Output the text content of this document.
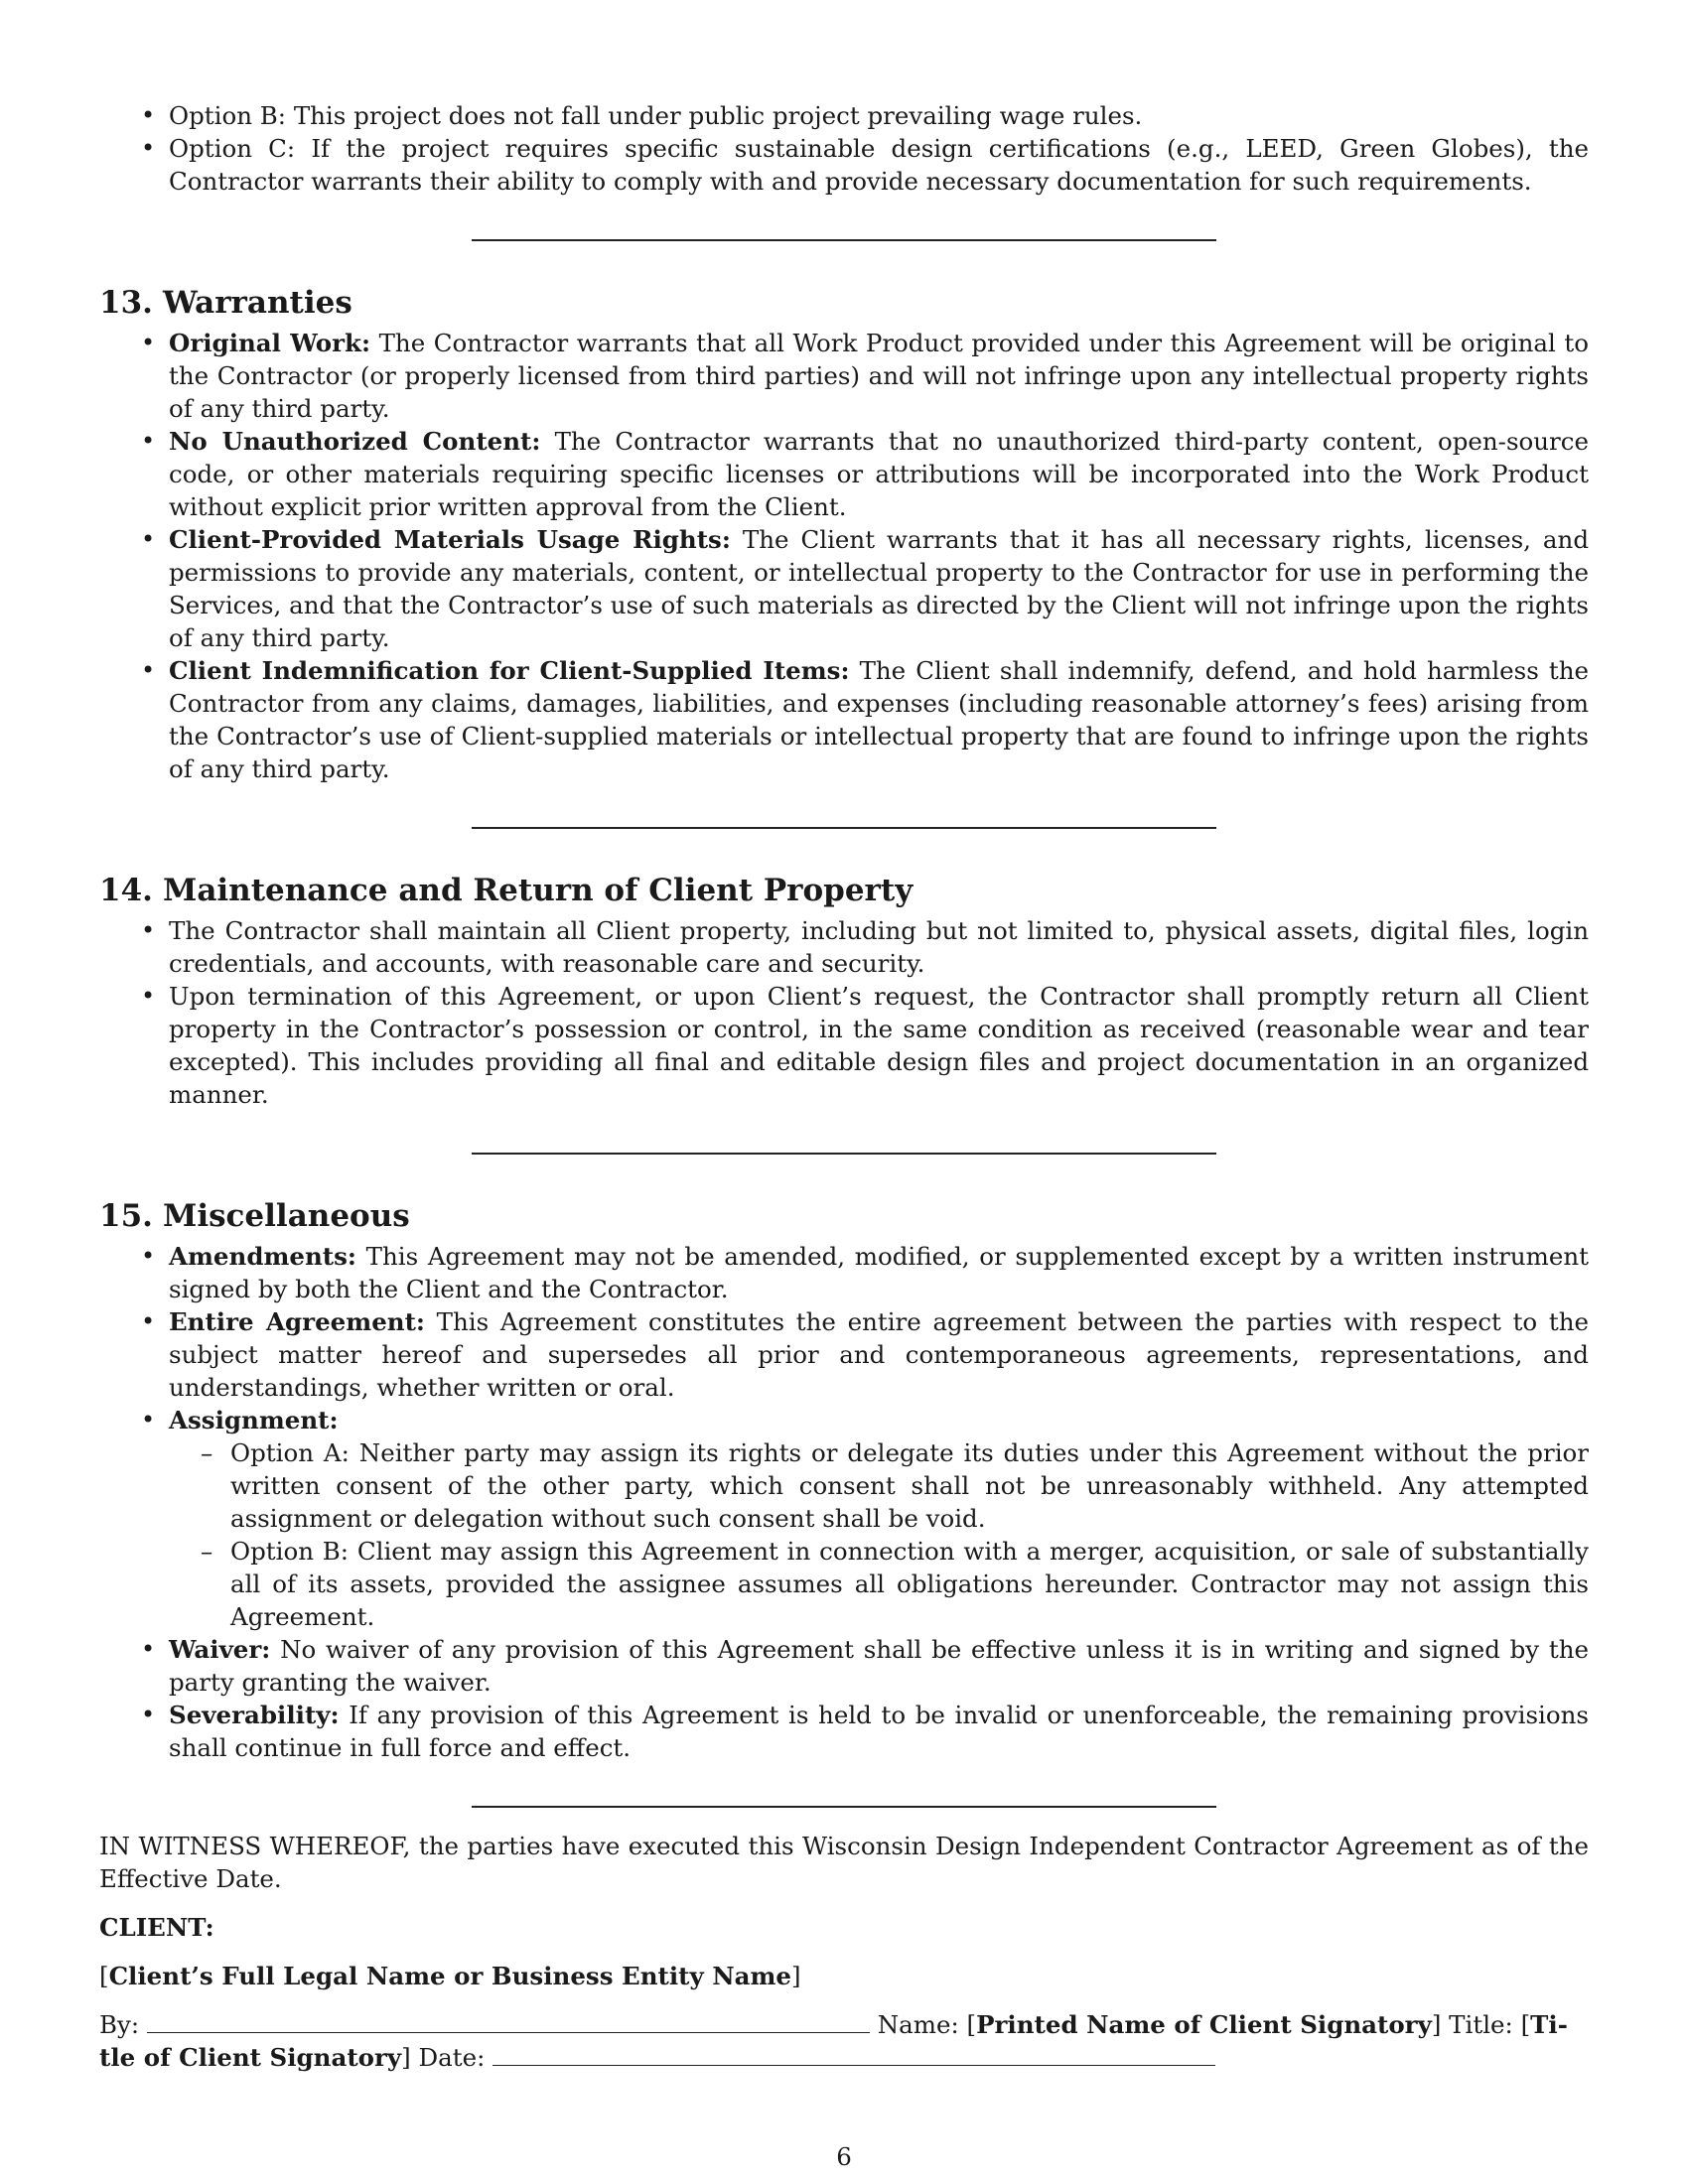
• Option B: This project does not fall under public project prevailing wage rules.
• Option C: If the project requires specific sustainable design certifications (e.g., LEED, Green Globes), the Contractor warrants their ability to comply with and provide necessary documentation for such requirements.
13. Warranties
• Original Work: The Contractor warrants that all Work Product provided under this Agreement will be original to the Contractor (or properly licensed from third parties) and will not infringe upon any intellectual property rights of any third party.
• No Unauthorized Content: The Contractor warrants that no unauthorized third-party content, open-source code, or other materials requiring specific licenses or attributions will be incorporated into the Work Product without explicit prior written approval from the Client.
• Client-Provided Materials Usage Rights: The Client warrants that it has all necessary rights, licenses, and permissions to provide any materials, content, or intellectual property to the Contractor for use in performing the Services, and that the Contractor’s use of such materials as directed by the Client will not infringe upon the rights of any third party.
• Client Indemnification for Client-Supplied Items: The Client shall indemnify, defend, and hold harmless the Contractor from any claims, damages, liabilities, and expenses (including reasonable attorney’s fees) arising from the Contractor’s use of Client-supplied materials or intellectual property that are found to infringe upon the rights of any third party.
14. Maintenance and Return of Client Property
• The Contractor shall maintain all Client property, including but not limited to, physical assets, digital files, login credentials, and accounts, with reasonable care and security.
• Upon termination of this Agreement, or upon Client’s request, the Contractor shall promptly return all Client property in the Contractor’s possession or control, in the same condition as received (reasonable wear and tear excepted). This includes providing all final and editable design files and project documentation in an organized manner.
15. Miscellaneous
• Amendments: This Agreement may not be amended, modified, or supplemented except by a written instrument signed by both the Client and the Contractor.
• Entire Agreement: This Agreement constitutes the entire agreement between the parties with respect to the subject matter hereof and supersedes all prior and contemporaneous agreements, representations, and understandings, whether written or oral.
• Assignment:
– Option A: Neither party may assign its rights or delegate its duties under this Agreement without the prior written consent of the other party, which consent shall not be unreasonably withheld. Any attempted assignment or delegation without such consent shall be void.
– Option B: Client may assign this Agreement in connection with a merger, acquisition, or sale of substantially all of its assets, provided the assignee assumes all obligations hereunder. Contractor may not assign this Agreement.
• Waiver: No waiver of any provision of this Agreement shall be effective unless it is in writing and signed by the party granting the waiver.
• Severability: If any provision of this Agreement is held to be invalid or unenforceable, the remaining provisions shall continue in full force and effect.

IN WITNESS WHEREOF, the parties have executed this Wisconsin Design Independent Contractor Agreement as of the Effective Date.

CLIENT:

[Client’s Full Legal Name or Business Entity Name]

By:	Name: [Printed Name of Client Signatory] Title: [Ti-
tle of Client Signatory] Date:

6
